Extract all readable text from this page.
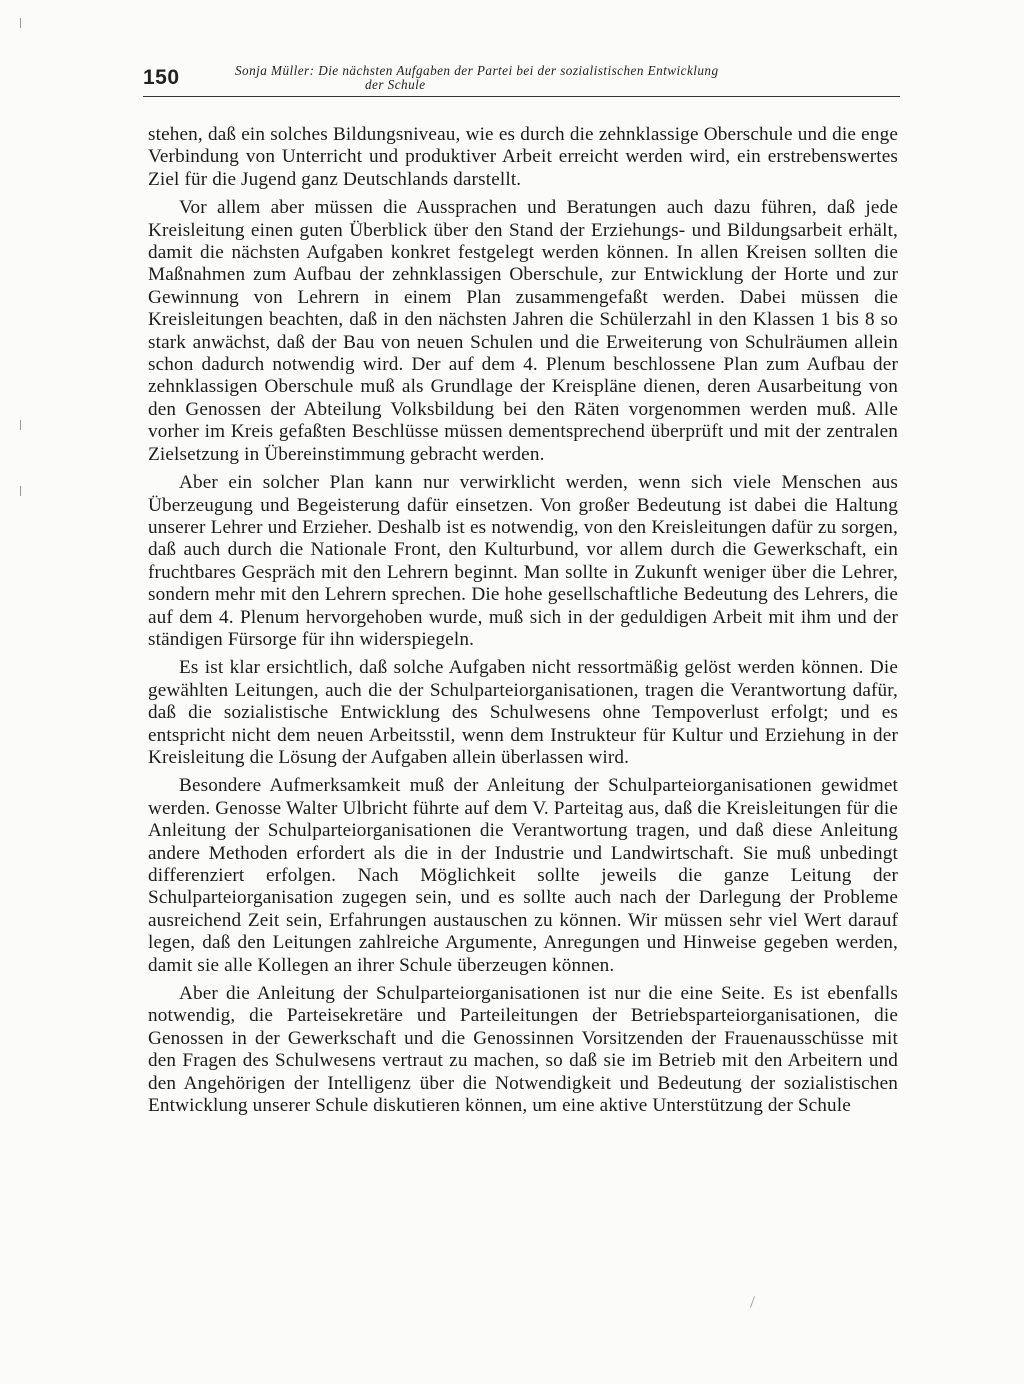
150	Sonja Müller: Die nächsten Aufgaben der Partei bei der sozialistischen Entwicklung
der Schule

stehen, daß ein solches Bildungsniveau, wie es durch die zehnklassige Oberschule und die enge Verbindung von Unterricht und produktiver Arbeit erreicht werden wird, ein erstrebenswertes Ziel für die Jugend ganz Deutschlands darstellt.

Vor allem aber müssen die Aussprachen und Beratungen auch dazu führen, daß jede Kreisleitung einen guten Überblick über den Stand der Erziehungs- und Bildungsarbeit erhält, damit die nächsten Aufgaben konkret festgelegt werden können. In allen Kreisen sollten die Maßnahmen zum Aufbau der zehnklassigen Oberschule, zur Entwicklung der Horte und zur Gewinnung von Lehrern in einem Plan zusammengefaßt werden. Dabei müssen die Kreisleitungen beachten, daß in den nächsten Jahren die Schülerzahl in den Klassen 1 bis 8 so stark anwächst, daß der Bau von neuen Schulen und die Erweiterung von Schulräumen allein schon dadurch notwendig wird. Der auf dem 4. Plenum beschlossene Plan zum Aufbau der zehnklassigen Oberschule muß als Grundlage der Kreispläne dienen, deren Ausarbeitung von den Genossen der Abteilung Volksbildung bei den Räten vorgenommen werden muß. Alle vorher im Kreis gefaßten Beschlüsse müssen dementsprechend überprüft und mit der zentralen Zielsetzung in Übereinstimmung gebracht werden.

Aber ein solcher Plan kann nur verwirklicht werden, wenn sich viele Menschen aus Überzeugung und Begeisterung dafür einsetzen. Von großer Bedeutung ist dabei die Haltung unserer Lehrer und Erzieher. Deshalb ist es notwendig, von den Kreisleitungen dafür zu sorgen, daß auch durch die Nationale Front, den Kulturbund, vor allem durch die Gewerkschaft, ein fruchtbares Gespräch mit den Lehrern beginnt. Man sollte in Zukunft weniger über die Lehrer, sondern mehr mit den Lehrern sprechen. Die hohe gesellschaftliche Bedeutung des Lehrers, die auf dem 4. Plenum hervorgehoben wurde, muß sich in der geduldigen Arbeit mit ihm und der ständigen Fürsorge für ihn widerspiegeln.

Es ist klar ersichtlich, daß solche Aufgaben nicht ressortmäßig gelöst werden können. Die gewählten Leitungen, auch die der Schulparteiorganisationen, tragen die Verantwortung dafür, daß die sozialistische Entwicklung des Schulwesens ohne Tempoverlust erfolgt; und es entspricht nicht dem neuen Arbeitsstil, wenn dem Instrukteur für Kultur und Erziehung in der Kreisleitung die Lösung der Aufgaben allein überlassen wird.

Besondere Aufmerksamkeit muß der Anleitung der Schulparteiorganisationen gewidmet werden. Genosse Walter Ulbricht führte auf dem V. Parteitag aus, daß die Kreisleitungen für die Anleitung der Schulparteiorganisationen die Verantwortung tragen, und daß diese Anleitung andere Methoden erfordert als die in der Industrie und Landwirtschaft. Sie muß unbedingt differenziert erfolgen. Nach Möglichkeit sollte jeweils die ganze Leitung der Schulparteiorganisation zugegen sein, und es sollte auch nach der Darlegung der Probleme ausreichend Zeit sein, Erfahrungen austauschen zu können. Wir müssen sehr viel Wert darauf legen, daß den Leitungen zahlreiche Argumente, Anregungen und Hinweise gegeben werden, damit sie alle Kollegen an ihrer Schule überzeugen können.

Aber die Anleitung der Schulparteiorganisationen ist nur die eine Seite. Es ist ebenfalls notwendig, die Parteisekretäre und Parteileitungen der Betriebsparteiorganisationen, die Genossen in der Gewerkschaft und die Genossinnen Vorsitzenden der Frauenausschüsse mit den Fragen des Schulwesens vertraut zu machen, so daß sie im Betrieb mit den Arbeitern und den Angehörigen der Intelligenz über die Notwendigkeit und Bedeutung der sozialistischen Entwicklung unserer Schule diskutieren können, um eine aktive Unterstützung der Schule
